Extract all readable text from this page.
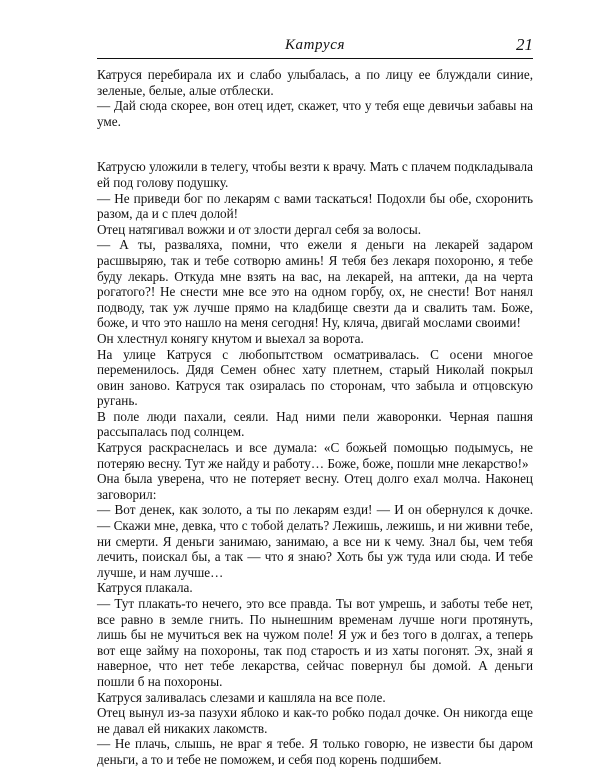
Катруся	21

Катруся перебирала их и слабо улыбалась, а по лицу ее блуждали синие, зеленые, белые, алые отблески.

— Дай сюда скорее, вон отец идет, скажет, что у тебя еще девичьи забавы на уме.

Катрусю уложили в телегу, чтобы везти к врачу. Мать с плачем подкладывала ей под голову подушку.

— Не приведи бог по лекарям с вами таскаться! Подохли бы обе, схоронить разом, да и с плеч долой!

Отец натягивал вожжи и от злости дергал себя за волосы.

— А ты, разваляха, помни, что ежели я деньги на лекарей задаром расшвыряю, так и тебе сотворю аминь! Я тебя без лекаря похороню, я тебе буду лекарь. Откуда мне взять на вас, на лекарей, на аптеки, да на черта рогатого?! Не снести мне все это на одном горбу, ох, не снести! Вот нанял подводу, так уж лучше прямо на кладбище свезти да и свалить там. Боже, боже, и что это нашло на меня сегодня! Ну, кляча, двигай мослами своими!

Он хлестнул конягу кнутом и выехал за ворота.

На улице Катруся с любопытством осматривалась. С осени многое переменилось. Дядя Семен обнес хату плетнем, старый Николай покрыл овин заново. Катруся так озиралась по сторонам, что забыла и отцовскую ругань.

В поле люди пахали, сеяли. Над ними пели жаворонки. Черная пашня рассыпалась под солнцем.

Катруся раскраснелась и все думала: «С божьей помощью подымусь, не потеряю весну. Тут же найду и работу… Боже, боже, пошли мне лекарство!»

Она была уверена, что не потеряет весну. Отец долго ехал молча. Наконец заговорил:

— Вот денек, как золото, а ты по лекарям езди! — И он обернулся к дочке. — Скажи мне, девка, что с тобой делать? Лежишь, лежишь, и ни живни тебе, ни смерти. Я деньги занимаю, занимаю, а все ни к чему. Знал бы, чем тебя лечить, поискал бы, а так — что я знаю? Хоть бы уж туда или сюда. И тебе лучше, и нам лучше…

Катруся плакала.

— Тут плакать-то нечего, это все правда. Ты вот умрешь, и заботы тебе нет, все равно в земле гнить. По нынешним временам лучше ноги протянуть, лишь бы не мучиться век на чужом поле! Я уж и без того в долгах, а теперь вот еще займу на похороны, так под старость и из хаты погонят. Эх, знай я наверное, что нет тебе лекарства, сейчас повернул бы домой. А деньги пошли б на похороны.

Катруся заливалась слезами и кашляла на все поле.

Отец вынул из-за пазухи яблоко и как-то робко подал дочке. Он никогда еще не давал ей никаких лакомств.

— Не плачь, слышь, не враг я тебе. Я только говорю, не извести бы даром деньги, а то и тебе не поможем, и себя под корень подшибем.
